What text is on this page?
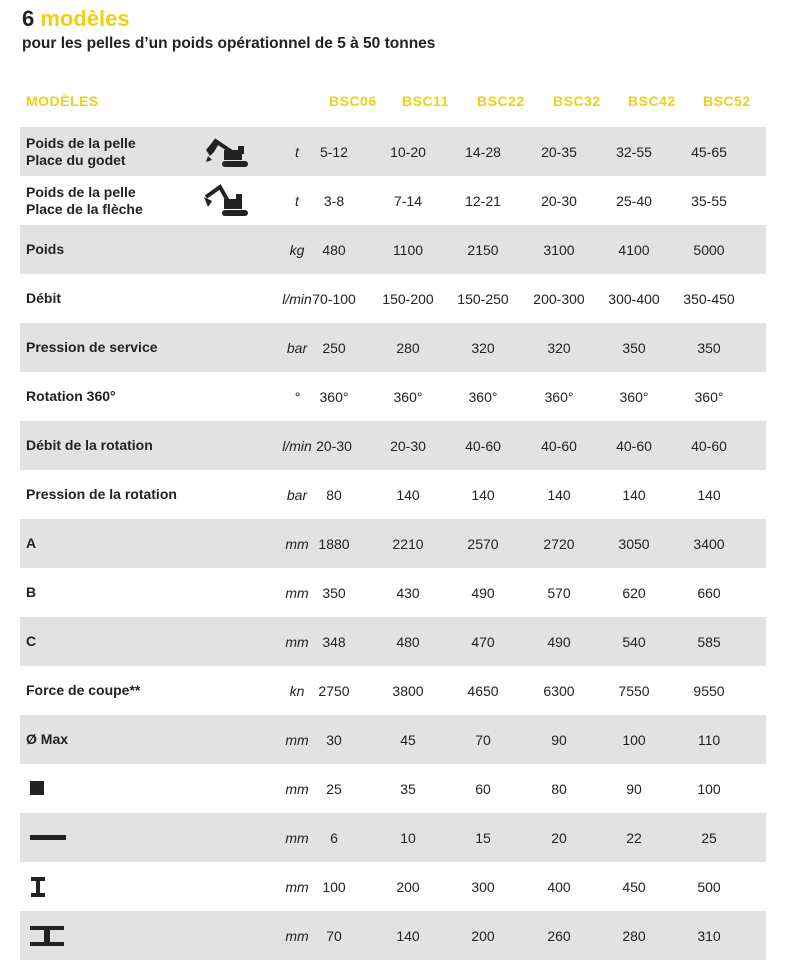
6 modèles
pour les pelles d’un poids opérationnel de 5 à 50 tonnes
MODÈLES	BSC06 BSC11 BSC22 BSC32 BSC42 BSC52
Poids de la pelle
Place du godet	t	5-12	10-20	14-28	20-35	32-55	45-65
Poids de la pelle
Place de la flèche	t	3-8	7-14	12-21	20-30	25-40	35-55
Poids	kg	480	1100	2150	3100	4100	5000
Débit	l/min 70-100	150-200	150-250	200-300	300-400	350-450
Pression de service	bar	250	280	320	320	350	350
Rotation 360°	°	360°	360°	360°	360°	360°	360°
Débit de la rotation	l/min 20-30	20-30	40-60	40-60	40-60	40-60
Pression de la rotation	bar	80	140	140	140	140	140
A	mm 1880	2210	2570	2720	3050	3400
B	mm 350	430	490	570	620	660
C	mm 348	480	470	490	540	585
Force de coupe**	kn	2750	3800	4650	6300	7550	9550
Ø Max	mm	30	45	70	90	100	110
mm	25	35	60	80	90	100
mm	6	10	15	20	22	25
mm 100	200	300	400	450	500
mm	70	140	200	260	280	310
